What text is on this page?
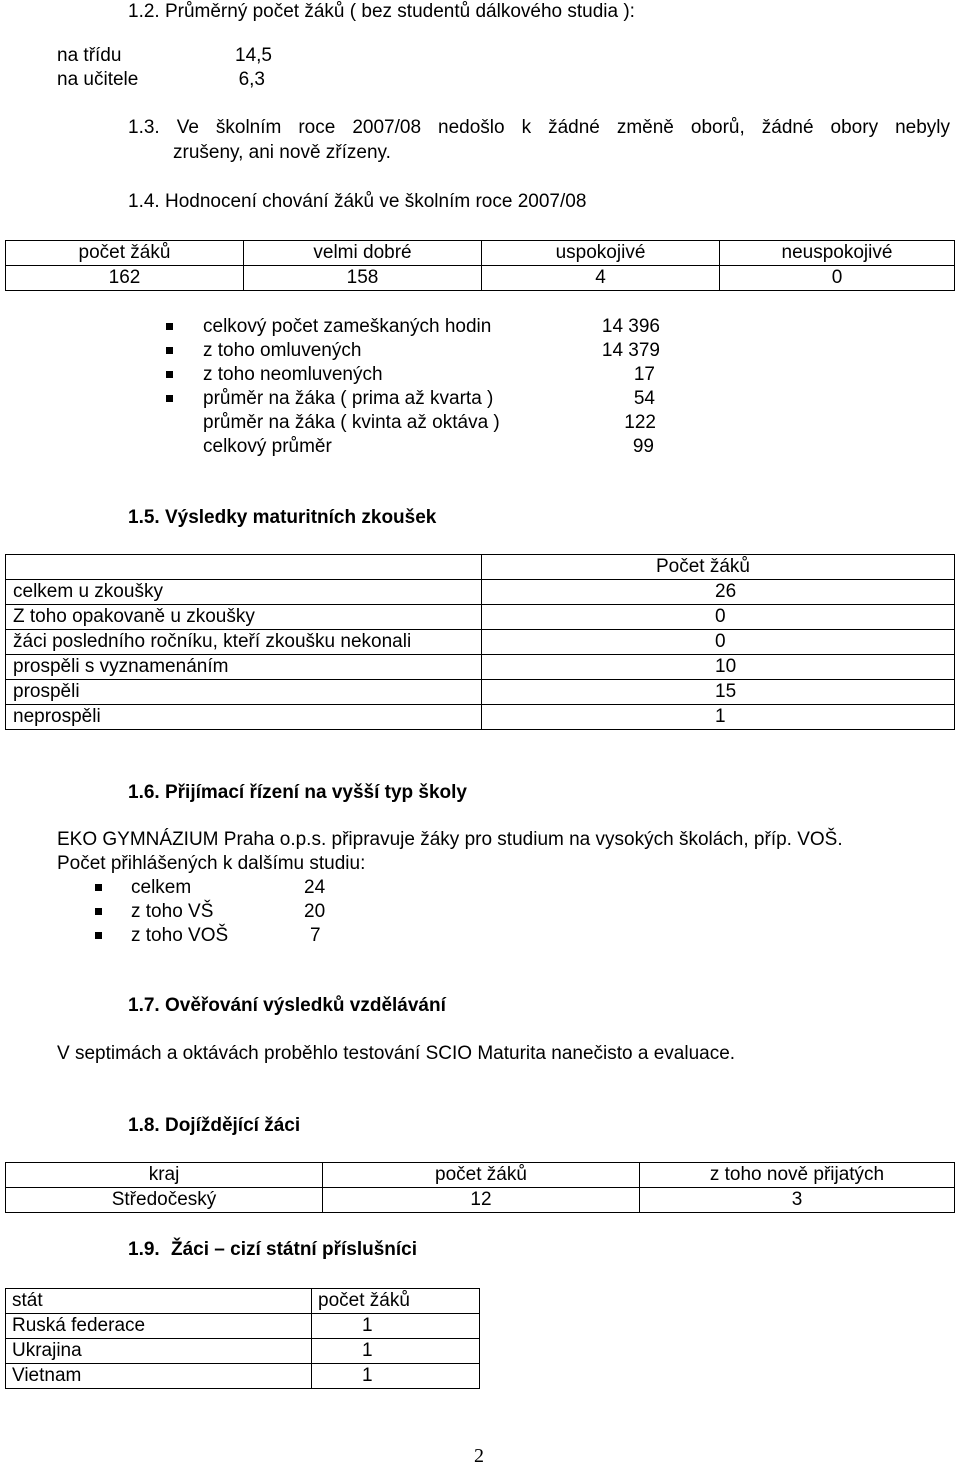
1.2. Průměrný počet žáků ( bez studentů dálkového studia ):
na třídu	14,5
na učitele	6,3
1.3. Ve školním roce 2007/08 nedošlo k žádné změně oborů, žádné obory nebyly
zrušeny, ani nově zřízeny.
1.4. Hodnocení chování žáků ve školním roce 2007/08
počet žáků	velmi dobré	uspokojivé	neuspokojivé
162	158	4	0
celkový počet zameškaných hodin	14 396
z toho omluvených	14 379
z toho neomluvených	17
průměr na žáka ( prima až kvarta )	54
průměr na žáka ( kvinta až oktáva )	122
celkový průměr	99
1.5. Výsledky maturitních zkoušek
	Počet žáků
celkem u zkoušky	26
Z toho opakovaně u zkoušky	0
žáci posledního ročníku, kteří zkoušku nekonali	0
prospěli s vyznamenáním	10
prospěli	15
neprospěli	1
1.6. Přijímací řízení na vyšší typ školy
EKO GYMNÁZIUM Praha o.p.s. připravuje žáky pro studium na vysokých školách, příp. VOŠ.
Počet přihlášených k dalšímu studiu:
celkem	24
z toho VŠ	20
z toho VOŠ	7
1.7. Ověřování výsledků vzdělávání
V septimách a oktávách proběhlo testování SCIO Maturita nanečisto a evaluace.
1.8. Dojíždějící žáci
kraj	počet žáků	z toho nově přijatých
Středočeský	12	3
1.9. Žáci – cizí státní příslušníci
stát	počet žáků
Ruská federace	1
Ukrajina	1
Vietnam	1
2
